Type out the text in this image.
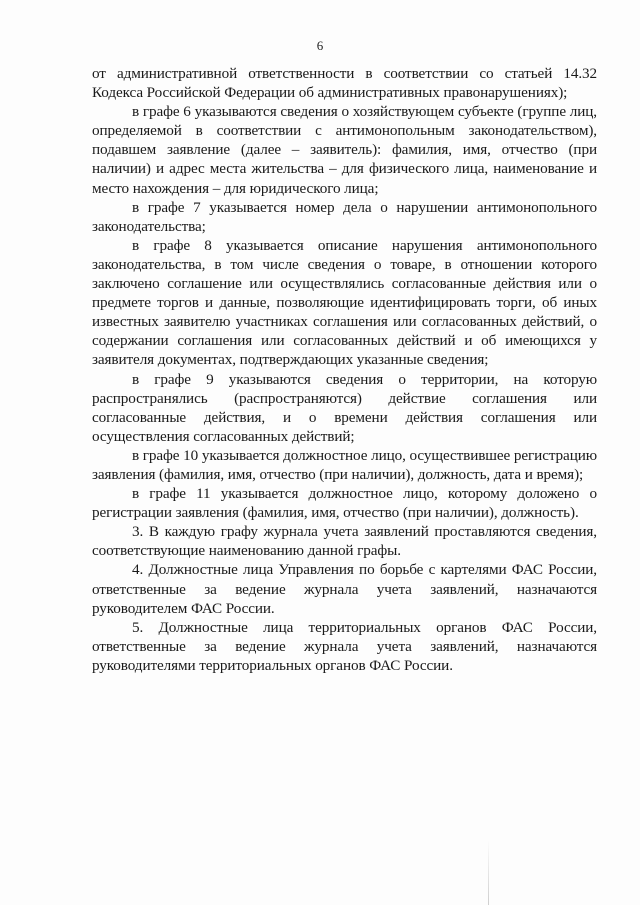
6

от административной ответственности в соответствии со статьей 14.32 Кодекса Российской Федерации об административных правонарушениях);

в графе 6 указываются сведения о хозяйствующем субъекте (группе лиц, определяемой в соответствии с антимонопольным законодательством), подавшем заявление (далее – заявитель): фамилия, имя, отчество (при наличии) и адрес места жительства – для физического лица, наименование и место нахождения – для юридического лица;

в графе 7 указывается номер дела о нарушении антимонопольного законодательства;

в графе 8 указывается описание нарушения антимонопольного законодательства, в том числе сведения о товаре, в отношении которого заключено соглашение или осуществлялись согласованные действия или о предмете торгов и данные, позволяющие идентифицировать торги, об иных известных заявителю участниках соглашения или согласованных действий, о содержании соглашения или согласованных действий и об имеющихся у заявителя документах, подтверждающих указанные сведения;

в графе 9 указываются сведения о территории, на которую распространялись (распространяются) действие соглашения или согласованные действия, и о времени действия соглашения или осуществления согласованных действий;

в графе 10 указывается должностное лицо, осуществившее регистрацию заявления (фамилия, имя, отчество (при наличии), должность, дата и время);

в графе 11 указывается должностное лицо, которому доложено о регистрации заявления (фамилия, имя, отчество (при наличии), должность).

3. В каждую графу журнала учета заявлений проставляются сведения, соответствующие наименованию данной графы.

4. Должностные лица Управления по борьбе с картелями ФАС России, ответственные за ведение журнала учета заявлений, назначаются руководителем ФАС России.

5. Должностные лица территориальных органов ФАС России, ответственные за ведение журнала учета заявлений, назначаются руководителями территориальных органов ФАС России.
